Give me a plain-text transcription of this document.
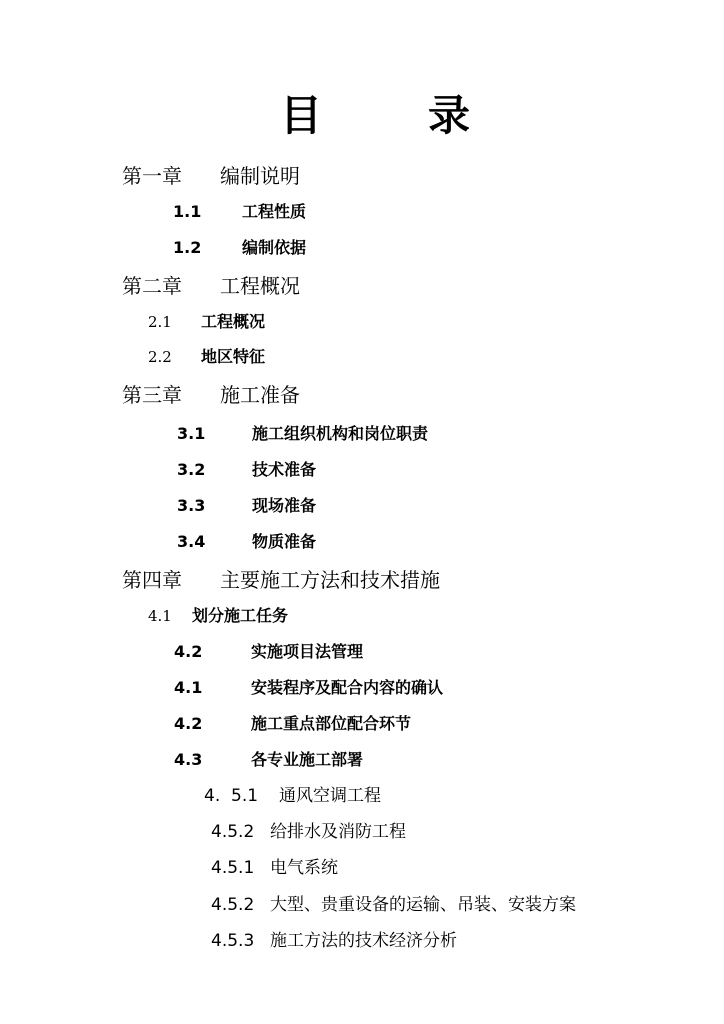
目	录
第一章 编制说明
1.1	工程性质
1.2	编制依据
第二章 工程概况
2.1 工程概况
2.2 地区特征
第三章 施工准备
3.1	施工组织机构和岗位职责
3.2	技术准备
3.3	现场准备
3.4	物质准备
第四章 主要施工方法和技术措施
4.1 划分施工任务
4.2	实施项目法管理
4.1	安装程序及配合内容的确认
4.2	施工重点部位配合环节
4.3	各专业施工部署
4.  5.1 通风空调工程
4.5.2 给排水及消防工程
4.5.1 电气系统
4.5.2 大型、贵重设备的运输、吊装、安装方案
4.5.3 施工方法的技术经济分析
